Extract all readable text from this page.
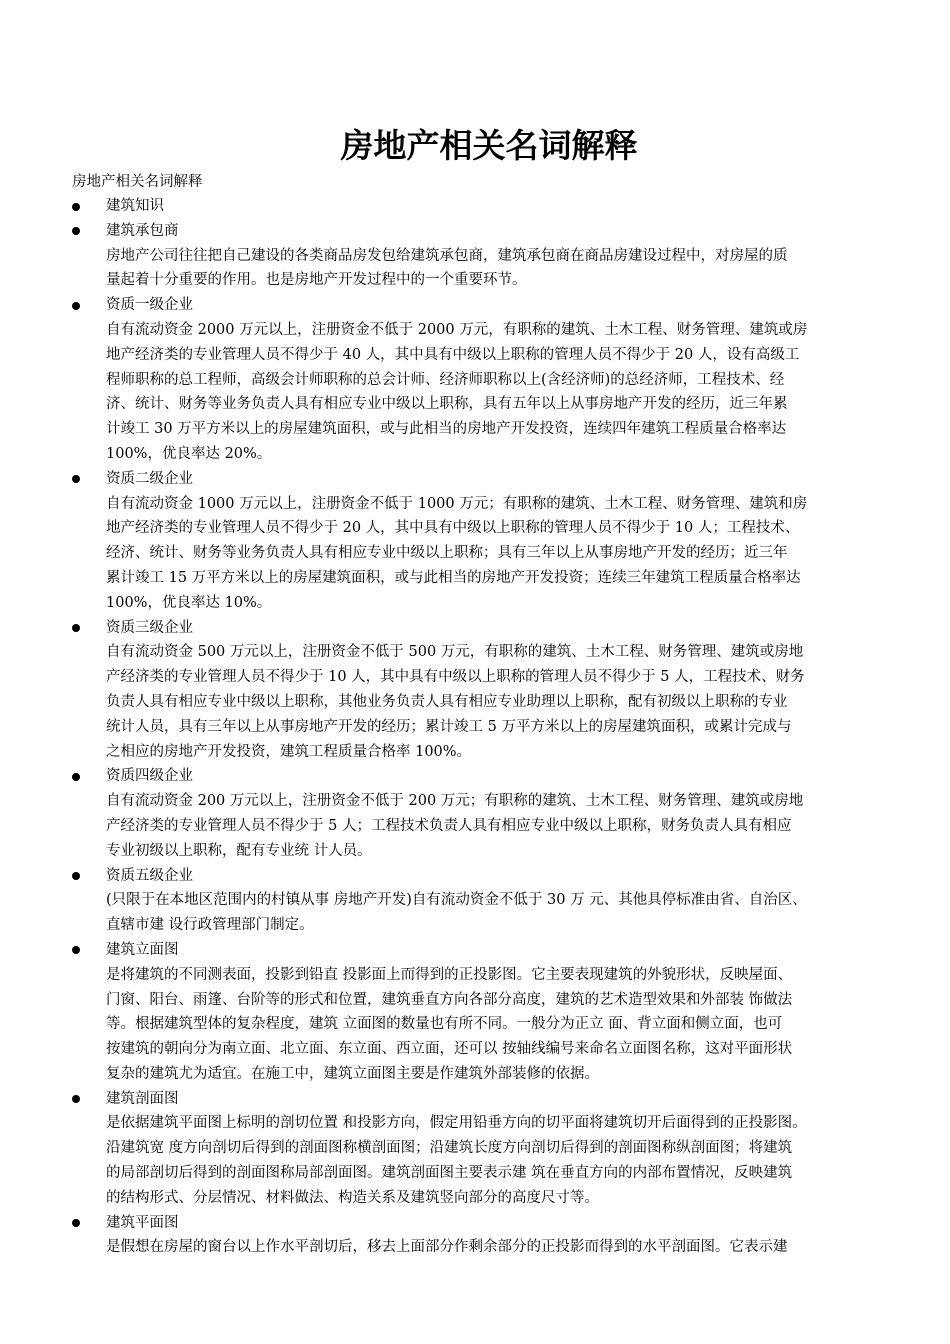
房地产相关名词解释
房地产相关名词解释
建筑知识
建筑承包商
房地产公司往往把自己建设的各类商品房发包给建筑承包商，建筑承包商在商品房建设过程中，对房屋的质
量起着十分重要的作用。也是房地产开发过程中的一个重要环节。
资质一级企业
自有流动资金 2000 万元以上，注册资金不低于 2000 万元，有职称的建筑、土木工程、财务管理、建筑或房
地产经济类的专业管理人员不得少于 40 人，其中具有中级以上职称的管理人员不得少于 20 人，设有高级工
程师职称的总工程师，高级会计师职称的总会计师、经济师职称以上(含经济师)的总经济师，工程技术、经
济、统计、财务等业务负责人具有相应专业中级以上职称，具有五年以上从事房地产开发的经历，近三年累
计竣工 30 万平方米以上的房屋建筑面积，或与此相当的房地产开发投资，连续四年建筑工程质量合格率达
100%，优良率达 20%。
资质二级企业
自有流动资金 1000 万元以上，注册资金不低于 1000 万元；有职称的建筑、土木工程、财务管理、建筑和房
地产经济类的专业管理人员不得少于 20 人，其中具有中级以上职称的管理人员不得少于 10 人；工程技术、
经济、统计、财务等业务负责人具有相应专业中级以上职称；具有三年以上从事房地产开发的经历；近三年
累计竣工 15 万平方米以上的房屋建筑面积，或与此相当的房地产开发投资；连续三年建筑工程质量合格率达
100%，优良率达 10%。
资质三级企业
自有流动资金 500 万元以上，注册资金不低于 500 万元，有职称的建筑、土木工程、财务管理、建筑或房地
产经济类的专业管理人员不得少于 10 人，其中具有中级以上职称的管理人员不得少于 5 人，工程技术、财务
负责人具有相应专业中级以上职称，其他业务负责人具有相应专业助理以上职称，配有初级以上职称的专业
统计人员，具有三年以上从事房地产开发的经历；累计竣工 5 万平方米以上的房屋建筑面积，或累计完成与
之相应的房地产开发投资，建筑工程质量合格率 100%。
资质四级企业
自有流动资金 200 万元以上，注册资金不低于 200 万元；有职称的建筑、土木工程、财务管理、建筑或房地
产经济类的专业管理人员不得少于 5 人；工程技术负责人具有相应专业中级以上职称，财务负责人具有相应
专业初级以上职称，配有专业统 计人员。
资质五级企业
(只限于在本地区范围内的村镇从事 房地产开发)自有流动资金不低于 30 万 元、其他具停标准由省、自治区、
直辖市建 设行政管理部门制定。
建筑立面图
是将建筑的不同测表面，投影到铅直 投影面上而得到的正投影图。它主要表现建筑的外貌形状，反映屋面、
门窗、阳台、雨篷、台阶等的形式和位置，建筑垂直方向各部分高度，建筑的艺术造型效果和外部装 饰做法
等。根据建筑型体的复杂程度，建筑 立面图的数量也有所不同。一般分为正立 面、背立面和侧立面，也可
按建筑的朝向分为南立面、北立面、东立面、西立面，还可以 按轴线编号来命名立面图名称，这对平面形状
复杂的建筑尤为适宜。在施工中，建筑立面图主要是作建筑外部装修的依据。
建筑剖面图
是依据建筑平面图上标明的剖切位置 和投影方向，假定用铅垂方向的切平面将建筑切开后面得到的正投影图。
沿建筑宽 度方向剖切后得到的剖面图称横剖面图；沿建筑长度方向剖切后得到的剖面图称纵剖面图；将建筑
的局部剖切后得到的剖面图称局部剖面图。建筑剖面图主要表示建 筑在垂直方向的内部布置情况，反映建筑
的结构形式、分层情况、材料做法、构造关系及建筑竖向部分的高度尺寸等。
建筑平面图
是假想在房屋的窗台以上作水平剖切后，移去上面部分作剩余部分的正投影而得到的水平剖面图。它表示建
